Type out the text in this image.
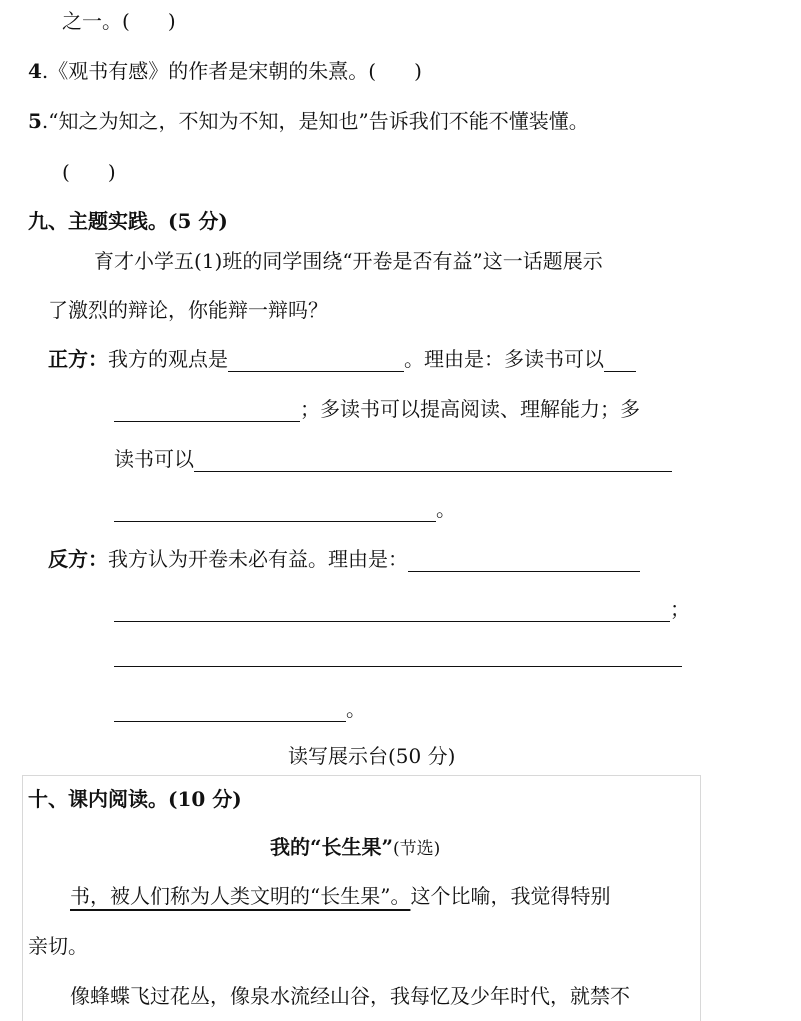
之一。( )
4.《观书有感》的作者是宋朝的朱熹。( )
5.“知之为知之，不知为不知，是知也”告诉我们不能不懂装懂。
( )
九、主题实践。(5 分)
育才小学五(1)班的同学围绕“开卷是否有益”这一话题展示
了激烈的辩论，你能辩一辩吗？
正方：我方的观点是	。理由是：多读书可以
；多读书可以提高阅读、理解能力；多
读书可以
。
反方：我方认为开卷未必有益。理由是：
；
。
读写展示台(50 分)
十、课内阅读。(10 分)
我的“长生果”(节选)
书，被人们称为人类文明的“长生果”。这个比喻，我觉得特别
亲切。
像蜂蝶飞过花丛，像泉水流经山谷，我每忆及少年时代，就禁不
